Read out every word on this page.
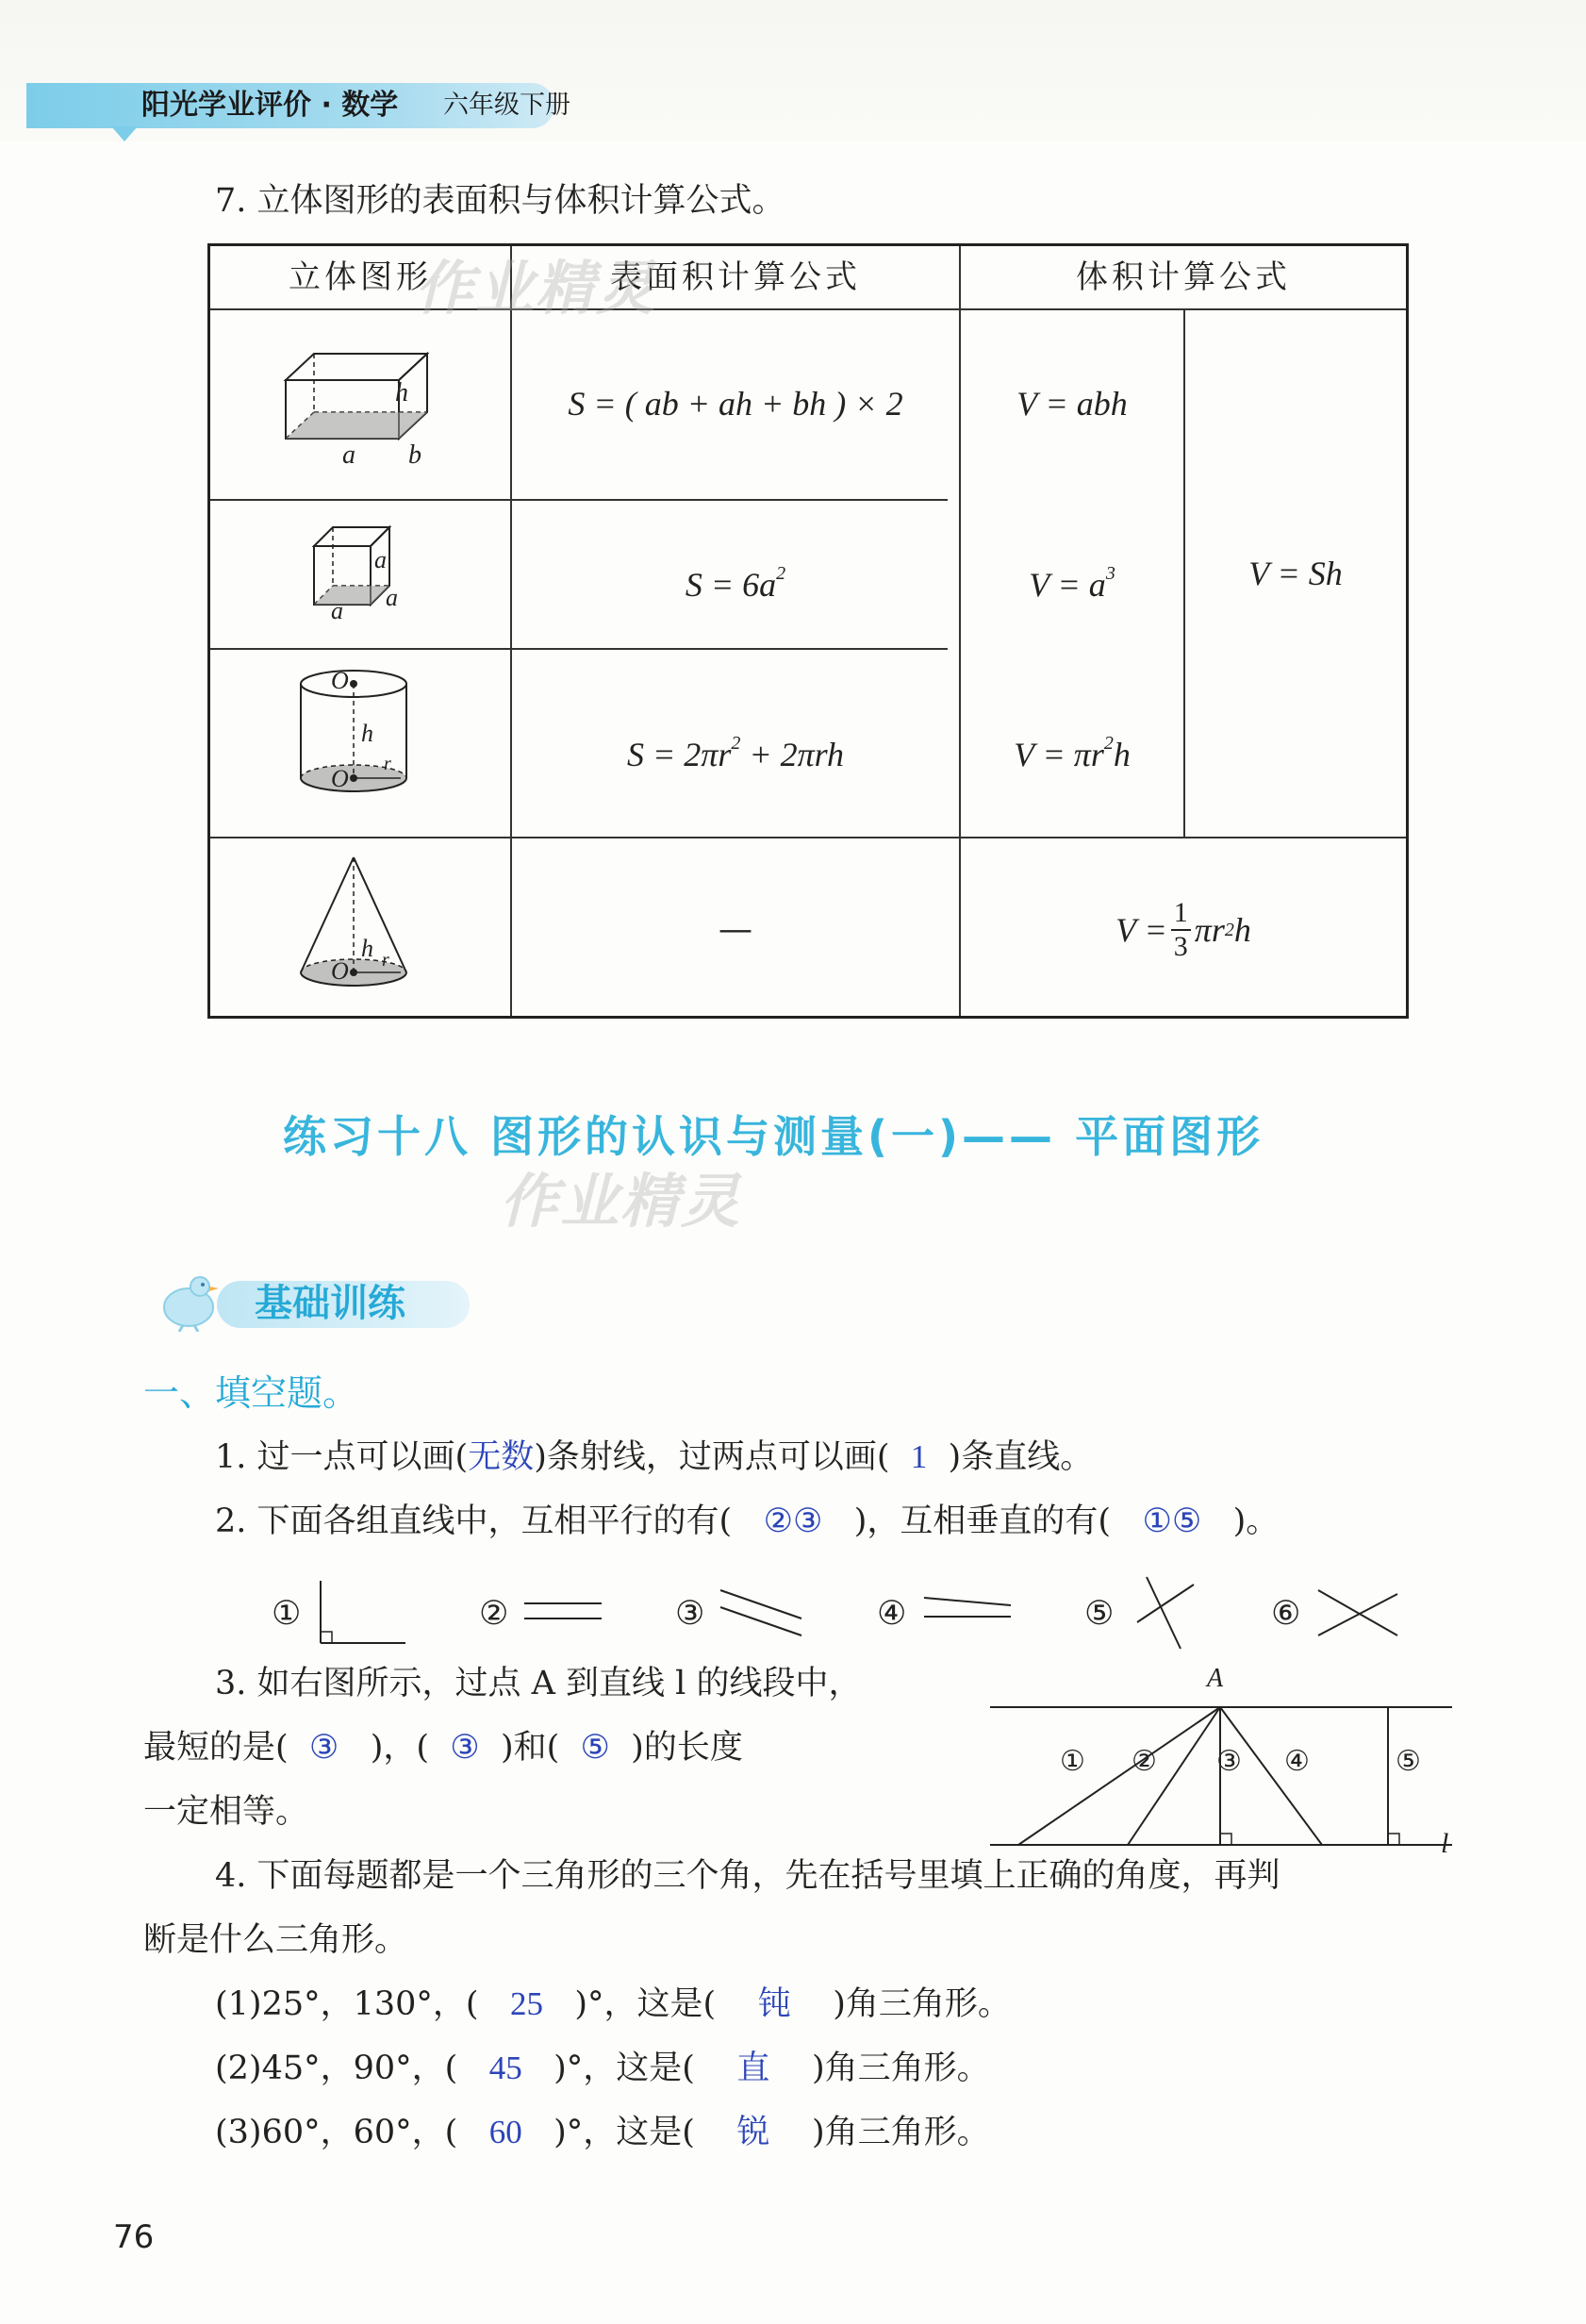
阳光学业评价 · 数学 六年级下册
7. 立体图形的表面积与体积计算公式。
立体图形	表面积计算公式	体积计算公式
h
a b
S = ( ab + ah + bh ) × 2	V = abh
a
a a	$S = 6a^2$	$V = a^3$	V = Sh
O
h
r
O
$S = 2\pi r^2 + 2\pi rh$	$V = \pi r^2h$
h r
O
—	$V = \frac{1}{3}$ πr 2 h
作业精灵
作业精灵
练习十八 图形的认识与测量(一)—— 平面图形
基础训练
一、填空题。
1. 过一点可以画(无数)条射线，过两点可以画( 1 )条直线。
2. 下面各组直线中，互相平行的有( ②③ )，互相垂直的有( ①⑤ )。
①	②	③	④	⑤	⑥
3. 如右图所示，过点 A 到直线 l 的线段中，
最短的是( ③ )，( ③ )和( ⑤ )的长度
一定相等。
A
l
① ② ③ ④	⑤
4. 下面每题都是一个三角形的三个角，先在括号里填上正确的角度，再判
断是什么三角形。
(1)25°，130°，( 25 )°，这是( 钝 )角三角形。
(2)45°，90°，( 45 )°，这是( 直 )角三角形。
(3)60°，60°，( 60 )°，这是( 锐 )角三角形。
76
